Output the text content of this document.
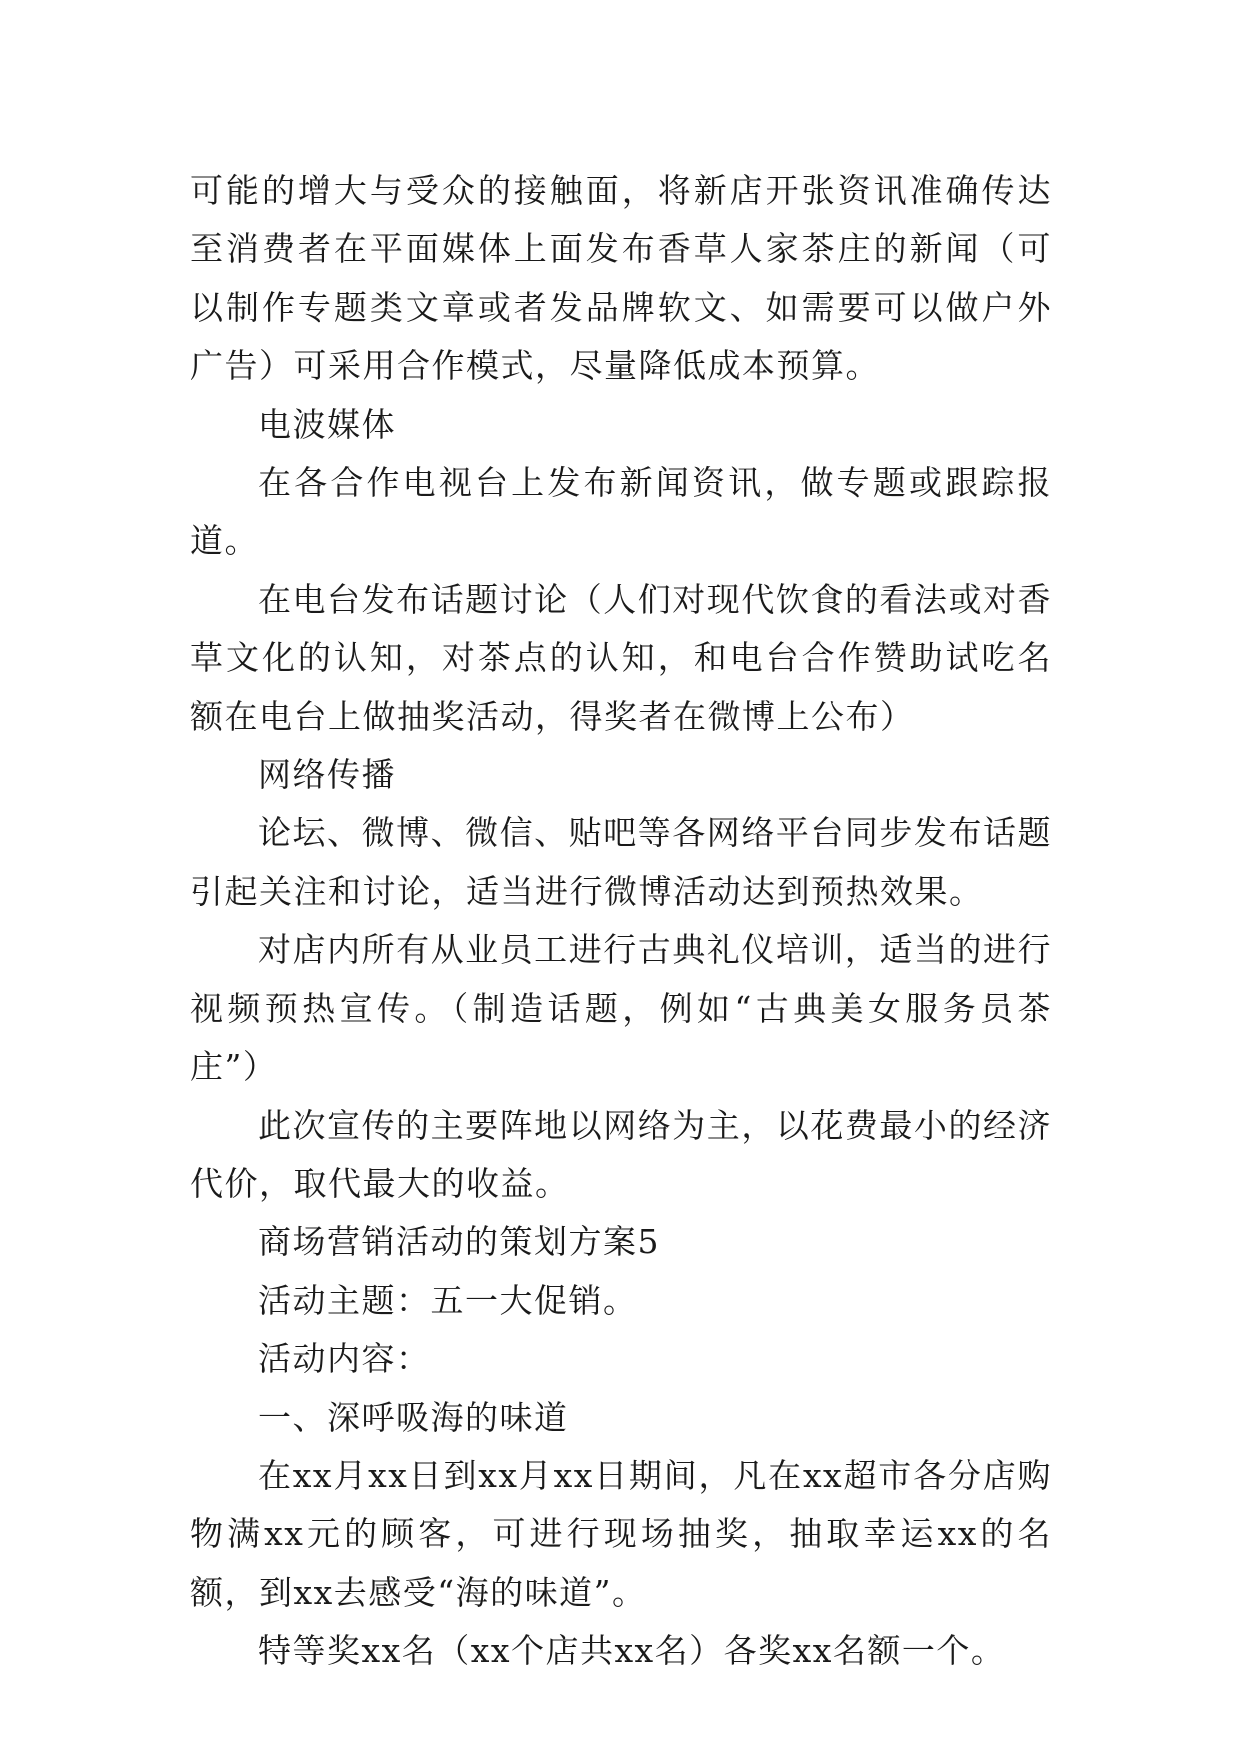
可能的增大与受众的接触面，将新店开张资讯准确传达至消费者在平面媒体上面发布香草人家茶庄的新闻（可以制作专题类文章或者发品牌软文、如需要可以做户外广告）可采用合作模式，尽量降低成本预算。

电波媒体

在各合作电视台上发布新闻资讯，做专题或跟踪报道。

在电台发布话题讨论（人们对现代饮食的看法或对香草文化的认知，对茶点的认知，和电台合作赞助试吃名额在电台上做抽奖活动，得奖者在微博上公布）

网络传播

论坛、微博、微信、贴吧等各网络平台同步发布话题引起关注和讨论，适当进行微博活动达到预热效果。

对店内所有从业员工进行古典礼仪培训，适当的进行视频预热宣传。（制造话题，例如“古典美女服务员茶庄”）

此次宣传的主要阵地以网络为主，以花费最小的经济代价，取代最大的收益。

商场营销活动的策划方案5

活动主题：五一大促销。

活动内容：

一、深呼吸海的味道

在xx月xx日到xx月xx日期间，凡在xx超市各分店购物满xx元的顾客，可进行现场抽奖，抽取幸运xx的名额，到xx去感受“海的味道”。

特等奖xx名（xx个店共xx名）各奖xx名额一个。
